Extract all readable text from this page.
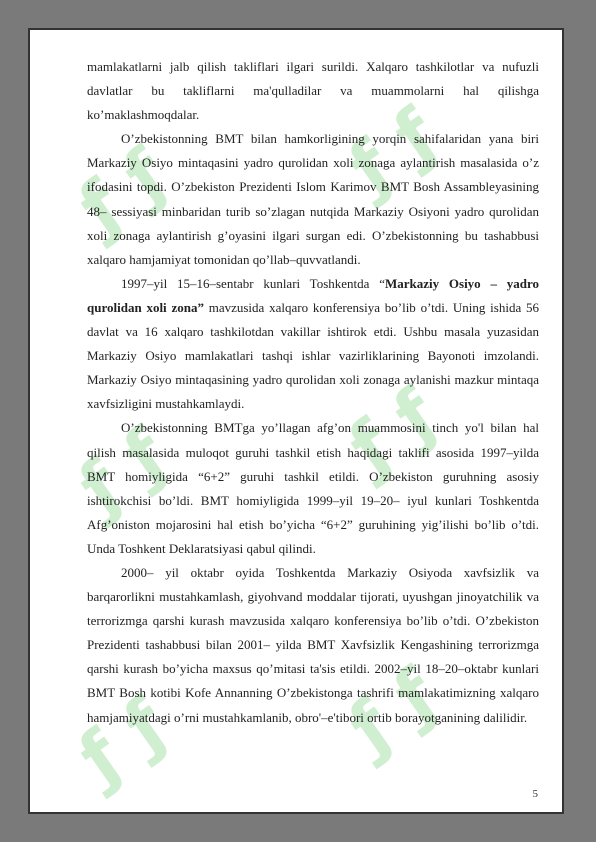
ƒ ƒ ƒ ƒ
ƒ ƒ ƒ ƒ
ƒ ƒ ƒ ƒ

mamlakatlarni jalb qilish takliflari ilgari surildi. Xalqaro tashkilotlar va nufuzli davlatlar bu takliflarni ma'qulladilar va muammolarni hal qilishga ko’maklashmoqdalar.

O’zbekistonning BMT bilan hamkorligining yorqin sahifalaridan yana biri Markaziy Osiyo mintaqasini yadro qurolidan xoli zonaga aylantirish masalasida o’z ifodasini topdi. O’zbekiston Prezidenti Islom Karimov BMT Bosh Assambleyasining 48– sessiyasi minbaridan turib so’zlagan nutqida Markaziy Osiyoni yadro qurolidan xoli zonaga aylantirish g’oyasini ilgari surgan edi. O’zbekistonning bu tashabbusi xalqaro hamjamiyat tomonidan qo’llab–quvvatlandi.

1997–yil 15–16–sentabr kunlari Toshkentda “Markaziy Osiyo – yadro qurolidan xoli zona” mavzusida xalqaro konferensiya bo’lib o’tdi. Uning ishida 56 davlat va 16 xalqaro tashkilotdan vakillar ishtirok etdi. Ushbu masala yuzasidan Markaziy Osiyo mamlakatlari tashqi ishlar vazirliklarining Bayonoti imzolandi. Markaziy Osiyo mintaqasining yadro qurolidan xoli zonaga aylanishi mazkur mintaqa xavfsizligini mustahkamlaydi.

O’zbekistonning BMTga yo’llagan afg’on muammosini tinch yo'l bilan hal qilish masalasida muloqot guruhi tashkil etish haqidagi taklifi asosida 1997–yilda BMT homiyligida “6+2” guruhi tashkil etildi. O’zbekiston guruhning asosiy ishtirokchisi bo’ldi. BMT homiyligida 1999–yil 19–20– iyul kunlari Toshkentda Afg’oniston mojarosini hal etish bo’yicha “6+2” guruhining yig’ilishi bo’lib o’tdi. Unda Toshkent Deklaratsiyasi qabul qilindi.

2000– yil oktabr oyida Toshkentda Markaziy Osiyoda xavfsizlik va barqarorlikni mustahkamlash, giyohvand moddalar tijorati, uyushgan jinoyatchilik va terrorizmga qarshi kurash mavzusida xalqaro konferensiya bo’lib o’tdi. O’zbekiston Prezidenti tashabbusi bilan 2001– yilda BMT Xavfsizlik Kengashining terrorizmga qarshi kurash bo’yicha maxsus qo’mitasi ta'sis etildi. 2002–yil 18–20–oktabr kunlari BMT Bosh kotibi Kofe Annanning O’zbekistonga tashrifi mamlakatimizning xalqaro hamjamiyatdagi o’rni mustahkamlanib, obro'–e'tibori ortib borayotganining dalilidir.

5
